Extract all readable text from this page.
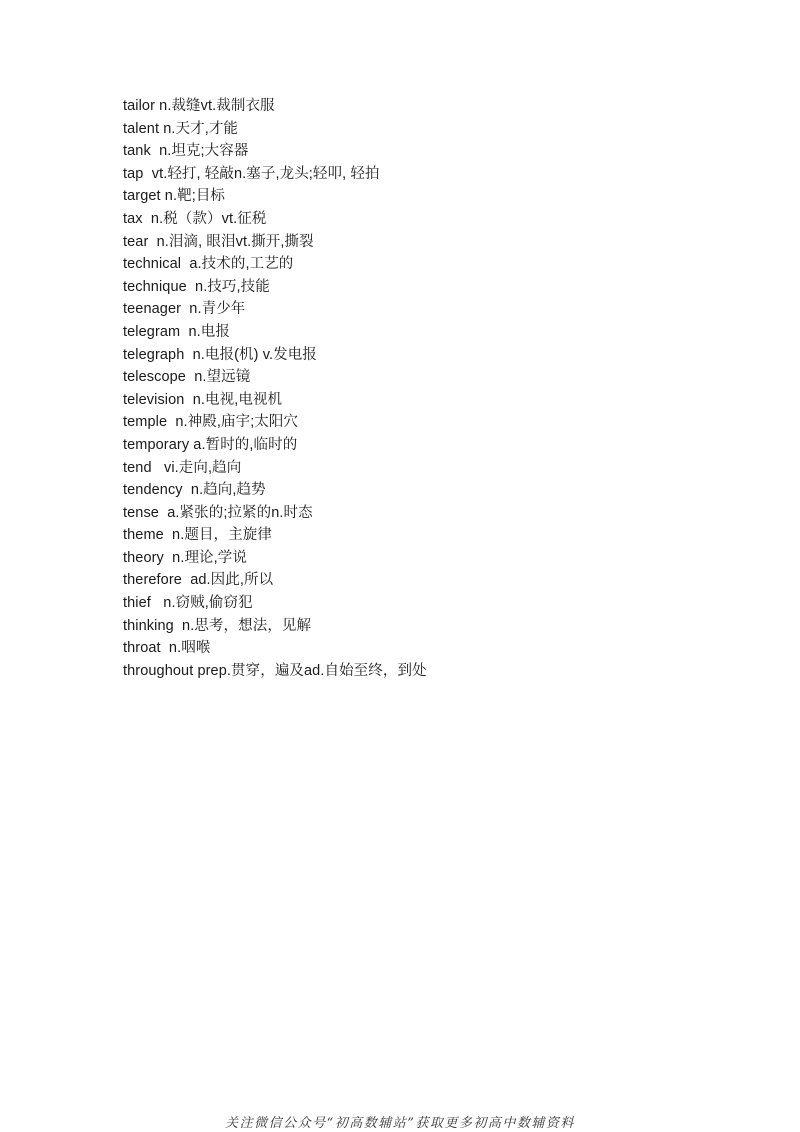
tailor n.裁缝vt.裁制衣服
talent n.天才,才能
tank  n.坦克;大容器
tap  vt.轻打, 轻敲n.塞子,龙头;轻叩, 轻拍
target n.靶;目标
tax  n.税（款）vt.征税
tear  n.泪滴, 眼泪vt.撕开,撕裂
technical  a.技术的,工艺的
technique  n.技巧,技能
teenager  n.青少年
telegram  n.电报
telegraph  n.电报(机) v.发电报
telescope  n.望远镜
television  n.电视,电视机
temple  n.神殿,庙宇;太阳穴
temporary a.暂时的,临时的
tend   vi.走向,趋向
tendency  n.趋向,趋势
tense  a.紧张的;拉紧的n.时态
theme  n.题目，主旋律
theory  n.理论,学说
therefore  ad.因此,所以
thief   n.窃贼,偷窃犯
thinking  n.思考，想法，见解
throat  n.咽喉
throughout prep.贯穿，遍及ad.自始至终，到处
关注微信公众号“初高数辅站”获取更多初高中数辅资料
